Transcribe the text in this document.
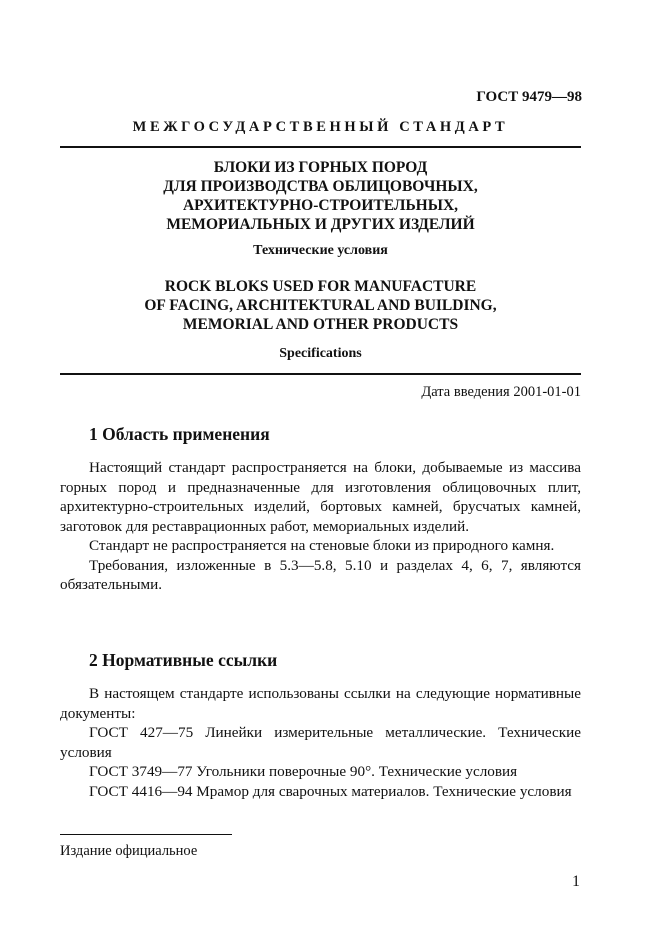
ГОСТ 9479—98
МЕЖГОСУДАРСТВЕННЫЙ СТАНДАРТ
БЛОКИ ИЗ ГОРНЫХ ПОРОД
ДЛЯ ПРОИЗВОДСТВА ОБЛИЦОВОЧНЫХ,
АРХИТЕКТУРНО-СТРОИТЕЛЬНЫХ,
МЕМОРИАЛЬНЫХ И ДРУГИХ ИЗДЕЛИЙ
Технические условия
ROCK BLOKS USED FOR MANUFACTURE
OF FACING, ARCHITEKTURAL AND BUILDING,
MEMORIAL AND OTHER PRODUCTS
Specifications
Дата введения 2001-01-01
1 Область применения

Настоящий стандарт распространяется на блоки, добываемые из массива горных пород и предназначенные для изготовления облицовочных плит, архитектурно-строительных изделий, бортовых камней, брусчатых камней, заготовок для реставрационных работ, мемориальных изделий.

Стандарт не распространяется на стеновые блоки из природного камня.

Требования, изложенные в 5.3—5.8, 5.10 и разделах 4, 6, 7, являются обязательными.

2 Нормативные ссылки

В настоящем стандарте использованы ссылки на следующие нормативные документы:

ГОСТ 427—75 Линейки измерительные металлические. Технические условия

ГОСТ 3749—77 Угольники поверочные 90°. Технические условия

ГОСТ 4416—94 Мрамор для сварочных материалов. Технические условия

Издание официальное
1
